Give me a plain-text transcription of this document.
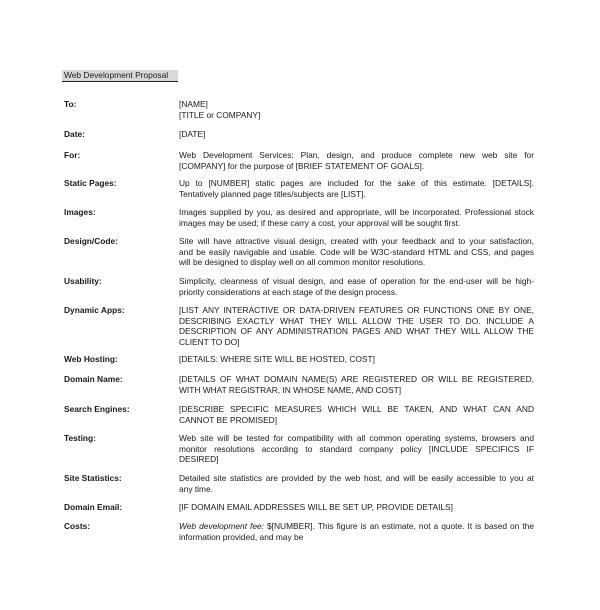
Web Development Proposal
To:	[NAME]
[TITLE or COMPANY]
Date:	[DATE]
For:	Web Development Services: Plan, design, and produce complete new web site for
[COMPANY] for the purpose of [BRIEF STATEMENT OF GOALS].
Static Pages:	Up to [NUMBER] static pages are included for the sake of this estimate. [DETAILS].
Tentatively planned page titles/subjects are [LIST].
Images:	Images supplied by you, as desired and appropriate, will be incorporated. Professional stock
images may be used; if these carry a cost, your approval will be sought first.
Design/Code:	Site will have attractive visual design, created with your feedback and to your satisfaction,
and be easily navigable and usable. Code will be W3C-standard HTML and CSS, and pages
will be designed to display well on all common monitor resolutions.
Usability:	Simplicity, cleanness of visual design, and ease of operation for the end-user will be high-
priority considerations at each stage of the design process.
Dynamic Apps:	[LIST ANY INTERACTIVE OR DATA-DRIVEN FEATURES OR FUNCTIONS ONE BY ONE,
DESCRIBING EXACTLY WHAT THEY WILL ALLOW THE USER TO DO. INCLUDE A
DESCRIPTION OF ANY ADMINISTRATION PAGES AND WHAT THEY WILL ALLOW THE
CLIENT TO DO]
Web Hosting:	[DETAILS: WHERE SITE WILL BE HOSTED, COST]
Domain Name:	[DETAILS OF WHAT DOMAIN NAME(S) ARE REGISTERED OR WILL BE REGISTERED,
WITH WHAT REGISTRAR, IN WHOSE NAME, AND COST]
Search Engines:	[DESCRIBE SPECIFIC MEASURES WHICH WILL BE TAKEN, AND WHAT CAN AND
CANNOT BE PROMISED]
Testing:	Web site will be tested for compatibility with all common operating systems, browsers and
monitor resolutions according to standard company policy [INCLUDE SPECIFICS IF
DESIRED]
Site Statistics:	Detailed site statistics are provided by the web host, and will be easily accessible to you at
any time.
Domain Email:	[IF DOMAIN EMAIL ADDRESSES WILL BE SET UP, PROVIDE DETAILS]
Costs:	Web development fee: $[NUMBER]. This figure is an estimate, not a quote. It is based on the
information provided, and may be
